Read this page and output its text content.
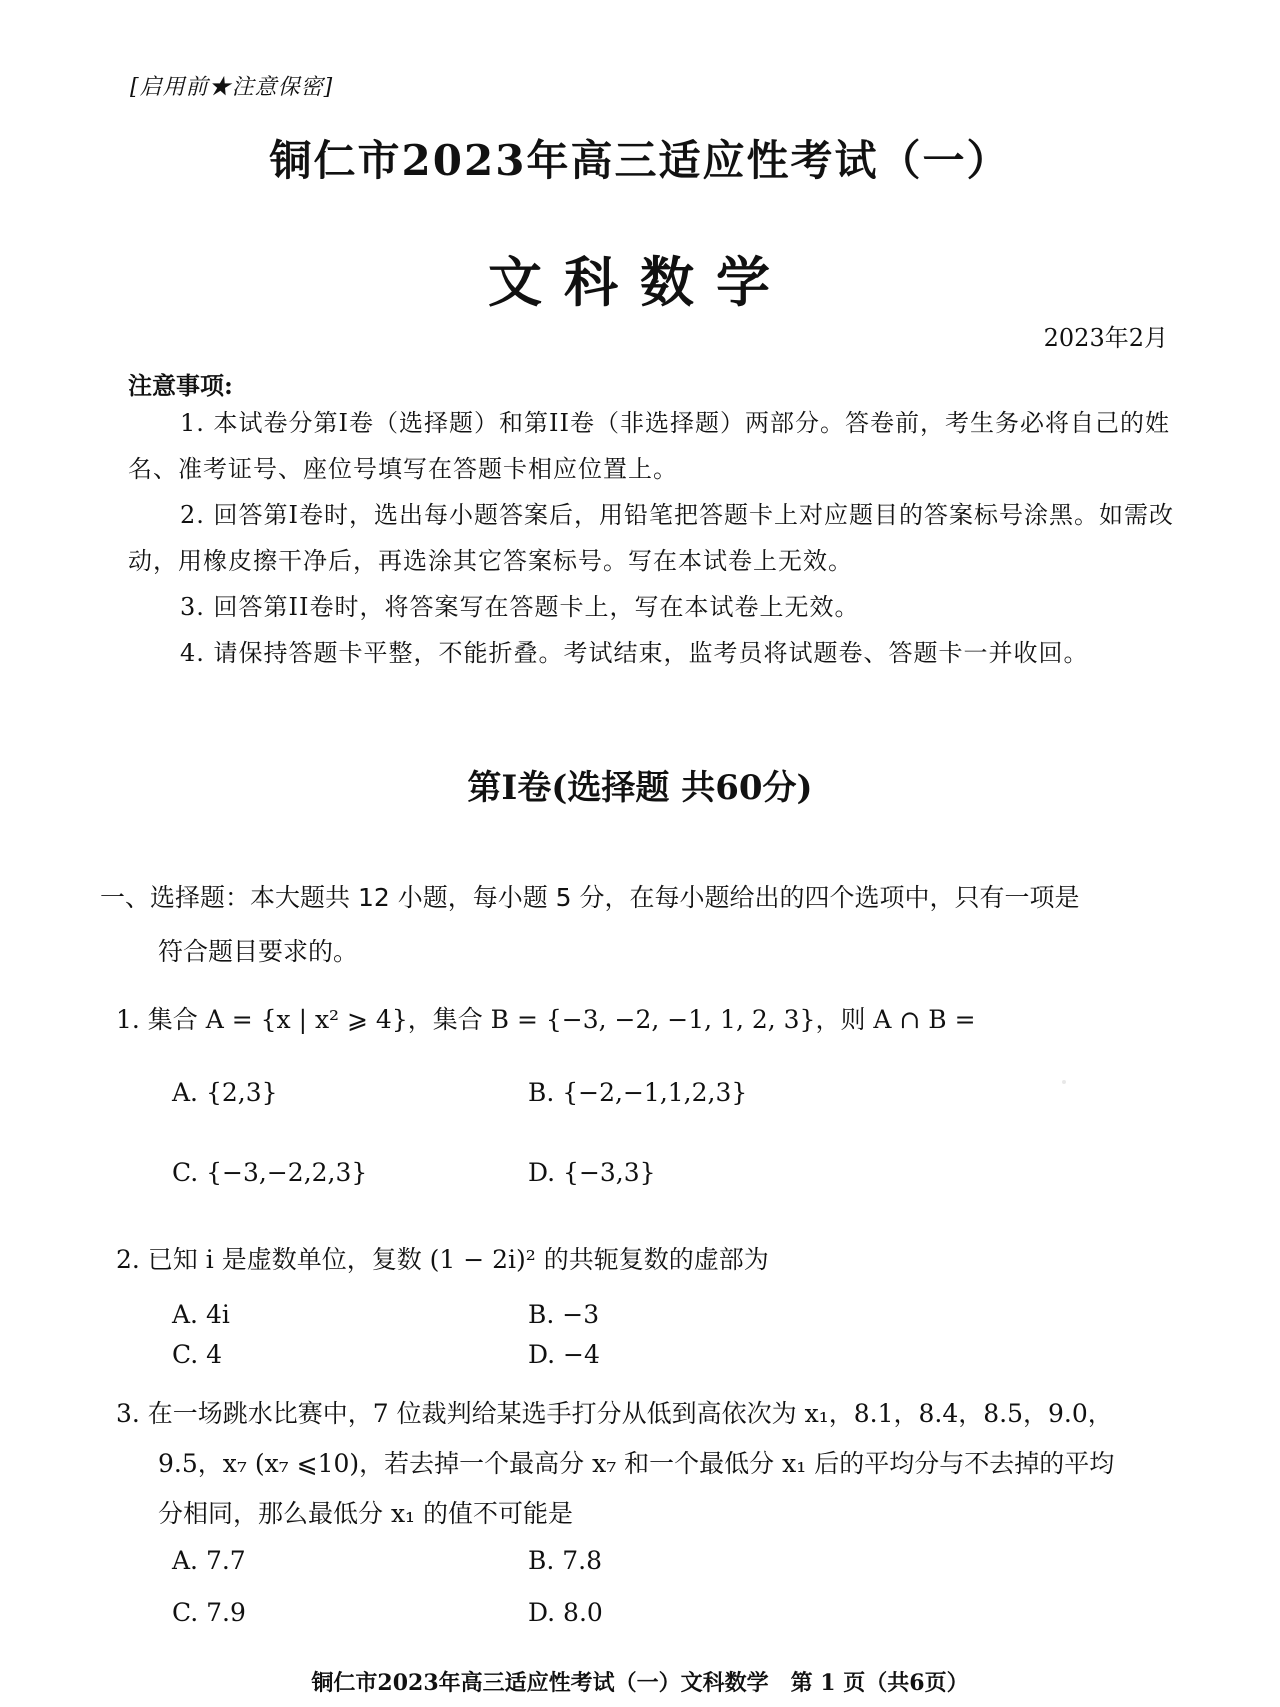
[启用前★注意保密]
铜仁市2023年高三适应性考试（一）
文科数学
2023年2月
注意事项:
1. 本试卷分第I卷（选择题）和第II卷（非选择题）两部分。答卷前，考生务必将自己的姓名、准考证号、座位号填写在答题卡相应位置上。
2. 回答第I卷时，选出每小题答案后，用铅笔把答题卡上对应题目的答案标号涂黑。如需改动，用橡皮擦干净后，再选涂其它答案标号。写在本试卷上无效。
3. 回答第II卷时，将答案写在答题卡上，写在本试卷上无效。
4. 请保持答题卡平整，不能折叠。考试结束，监考员将试题卷、答题卡一并收回。
第I卷(选择题 共60分)
一、选择题：本大题共 12 小题，每小题 5 分，在每小题给出的四个选项中，只有一项是
符合题目要求的。
1. 集合 A = {x | x² ⩾ 4}，集合 B = {−3, −2, −1, 1, 2, 3}，则 A ∩ B =
A. {2,3}	B. {−2,−1,1,2,3}
C. {−3,−2,2,3}	D. {−3,3}
2. 已知 i 是虚数单位，复数 (1 − 2i)² 的共轭复数的虚部为
A. 4i	B. −3
C. 4	D. −4
3. 在一场跳水比赛中，7 位裁判给某选手打分从低到高依次为 x₁，8.1，8.4，8.5，9.0，
9.5，x₇ (x₇ ⩽10)，若去掉一个最高分 x₇ 和一个最低分 x₁ 后的平均分与不去掉的平均
分相同，那么最低分 x₁ 的值不可能是
A. 7.7	B. 7.8
C. 7.9	D. 8.0
铜仁市2023年高三适应性考试（一）文科数学　第 1 页（共6页）
